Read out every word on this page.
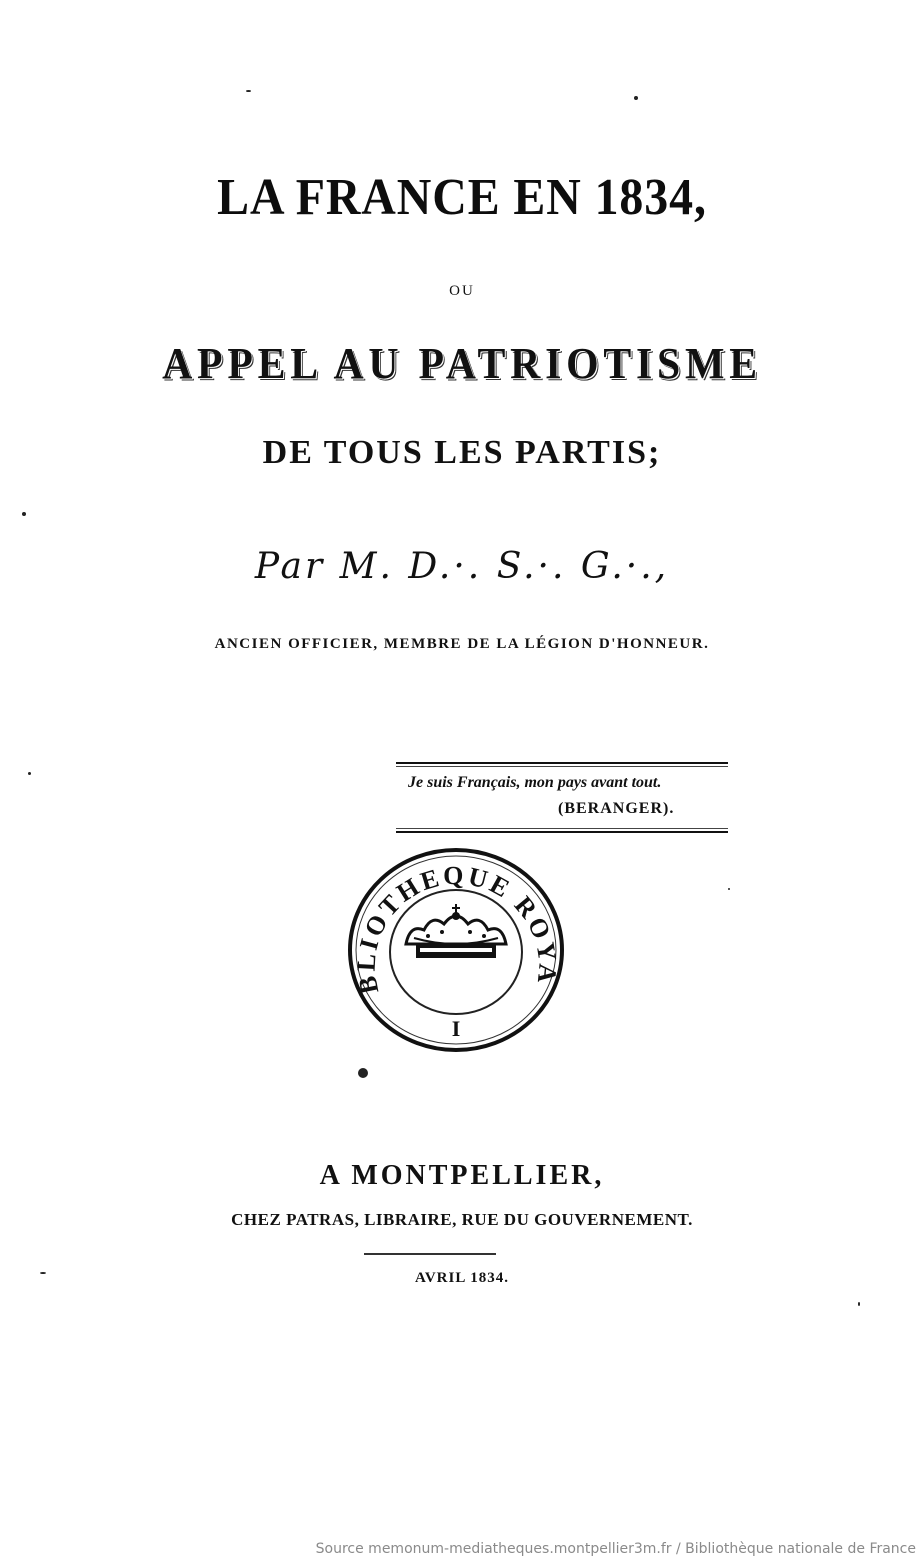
LA FRANCE EN 1834,
OU
APPEL AU PATRIOTISME
DE TOUS LES PARTIS;
Par M. D.·. S.·. G.·.,
ANCIEN OFFICIER, MEMBRE DE LA LÉGION D'HONNEUR.
Je suis Français, mon pays avant tout.
(BERANGER).
BLIOTHEQUE ROYA
I
A MONTPELLIER,
CHEZ PATRAS, LIBRAIRE, RUE DU GOUVERNEMENT.
AVRIL 1834.
Source memonum-mediatheques.montpellier3m.fr / Bibliothèque nationale de France
